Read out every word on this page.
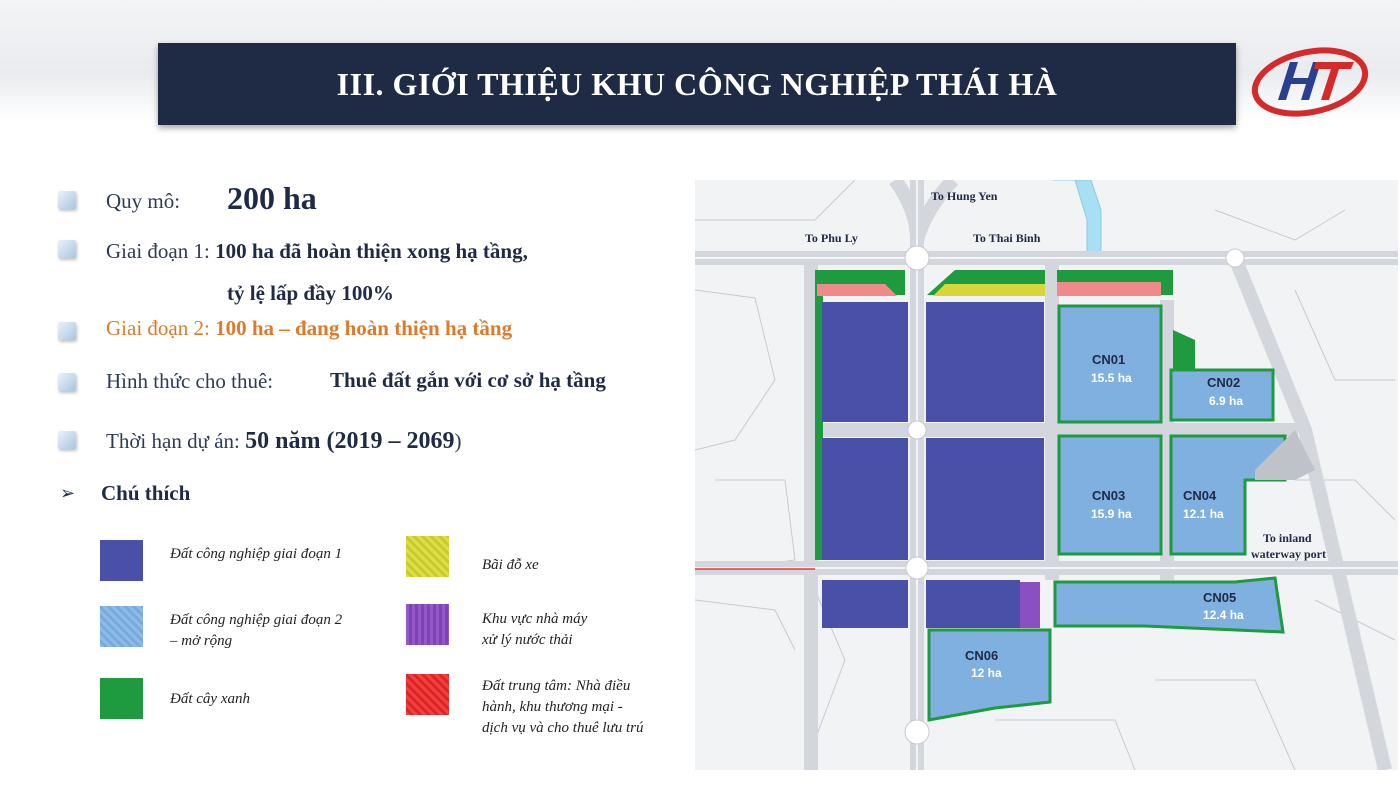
III. GIỚI THIỆU KHU CÔNG NGHIỆP THÁI HÀ
Quy mô: 200 ha
Giai đoạn 1: 100 ha đã hoàn thiện xong hạ tầng,
tỷ lệ lấp đầy 100%
Giai đoạn 2: 100 ha – đang hoàn thiện hạ tầng
Hình thức cho thuê:	Thuê đất gắn với cơ sở hạ tầng
Thời hạn dự án: 50 năm (2019 – 2069)
➢ Chú thích
Đất công nghiệp giai đoạn 1
Đất công nghiệp giai đoạn 2
– mở rộng
Đất cây xanh
Bãi đỗ xe
Khu vực nhà máy
xử lý nước thải
Đất trung tâm: Nhà điều
hành, khu thương mại -
dịch vụ và cho thuê lưu trú
To Hung Yen
To Phu Ly	To Thai Binh
To inland
waterway port
CN01
15.5 ha	CN02
6.9 ha
CN03
15.9 ha
CN04
12.1 ha
CN05
12.4 ha
CN06
12 ha
